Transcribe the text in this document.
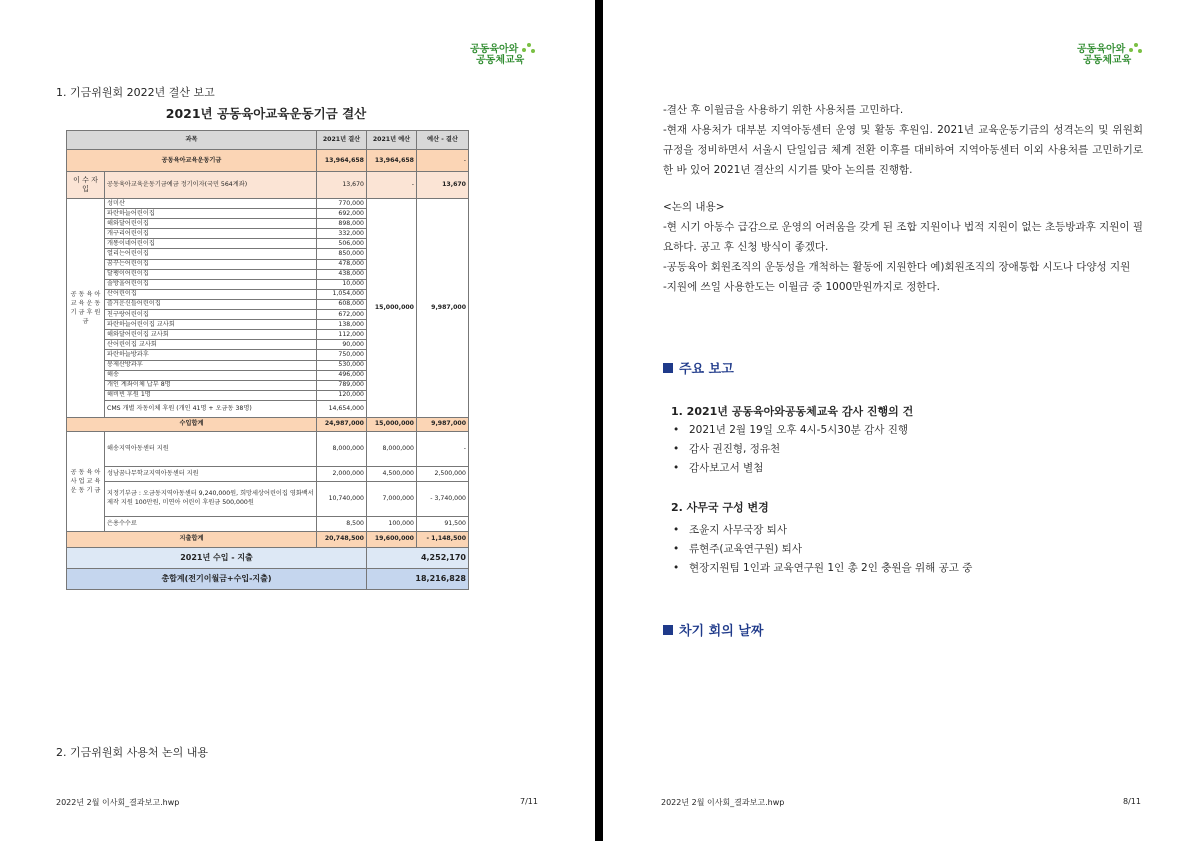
공동육아와
공동체교육
1. 기금위원회 2022년 결산 보고
2021년 공동육아교육운동기금 결산
과목		2021년 결산	2021년 예산	예산 - 결산
공동육아교육운동기금		13,964,658	13,964,658	-
이 수 자 입	공동육아교육운동기금예금 정기이자(국민 564계좌)	13,670	-	13,670
공 동 육 아 교 육 운 동 기 금 후 원 금	성미산	770,000	15,000,000	9,987,000
	파란하늘어린이집	692,000		
	해와달어린이집	898,000		
	개구리어린이집	332,000		
	개똥이네어린이집	506,000		
	열리는어린이집	850,000		
	꿈꾸는어린이집	478,000		
	달팽이어린이집	438,000		
	솔방울어린이집	10,000		
	산어린이집	1,054,000		
	즐거운신들어린이집	608,000		
	친구랑어린이집	672,000		
	파란하늘어린이집 교사회	138,000		
	해와달어린이집 교사회	112,000		
	산어린이집 교사회	90,000		
	파란하늘방과후	750,000		
	봉제산방과후	530,000		
	해송	496,000		
	개인 계좌이체 납부 8명	789,000		
	해비빈 후원 1명	120,000		
	CMS 개별 자동이체 후원 (개인 41명 + 오금동 38명)	14,654,000		
수입합계		24,987,000	15,000,000	9,987,000
공 동 육 아 사 업 교 육 운 동 기 금	해송지역아동센터 지원	8,000,000	8,000,000	-
	성남꿈나무학교지역아동센터 지원	2,000,000	4,500,000	2,500,000
	지정기부금 : 오금동지역아동센터 9,240,000원, 희망세상어린이집 영화백서 제작 지원 100만원, 미연아 어린이 후원금 500,000원	10,740,000	7,000,000	- 3,740,000
	은용수수료	8,500	100,000	91,500
지출합계		20,748,500	19,600,000	- 1,148,500
2021년 수입 - 지출			4,252,170	
총합계(전기이월금+수입-지출)			18,216,828	
2. 기금위원회 사용처 논의 내용
2022년 2월 이사회_결과보고.hwp	7/11
공동육아와
공동체교육
-결산 후 이월금을 사용하기 위한 사용처를 고민하다.
-현재 사용처가 대부분 지역아동센터 운영 및 활동 후원임. 2021년 교육운동기금의 성격논의 및 위원회 규정을 정비하면서 서울시 단일임금 체계 전환 이후를 대비하여 지역아동센터 이외 사용처를 고민하기로 한 바 있어 2021년 결산의 시기를 맞아 논의를 진행함.
<논의 내용>
-현 시기 아동수 급감으로 운영의 어려움을 갖게 된 조합 지원이나 법적 지원이 없는 초등방과후 지원이 필요하다. 공고 후 신청 방식이 좋겠다.
-공동육아 회원조직의 운동성을 개척하는 활동에 지원한다 예)회원조직의 장애통합 시도나 다양성 지원
-지원에 쓰일 사용한도는 이월금 중 1000만원까지로 정한다.
주요 보고
1. 2021년 공동육아와공동체교육 감사 진행의 건
• 2021년 2월 19일 오후 4시-5시30분 감사 진행
• 감사 권진형, 정유천
• 감사보고서 별첨
2. 사무국 구성 변경
• 조윤지 사무국장 퇴사
• 류현주(교육연구원) 퇴사
• 현장지원팀 1인과 교육연구원 1인 총 2인 충원을 위해 공고 중
차기 회의 날짜
2022년 2월 이사회_결과보고.hwp	8/11
